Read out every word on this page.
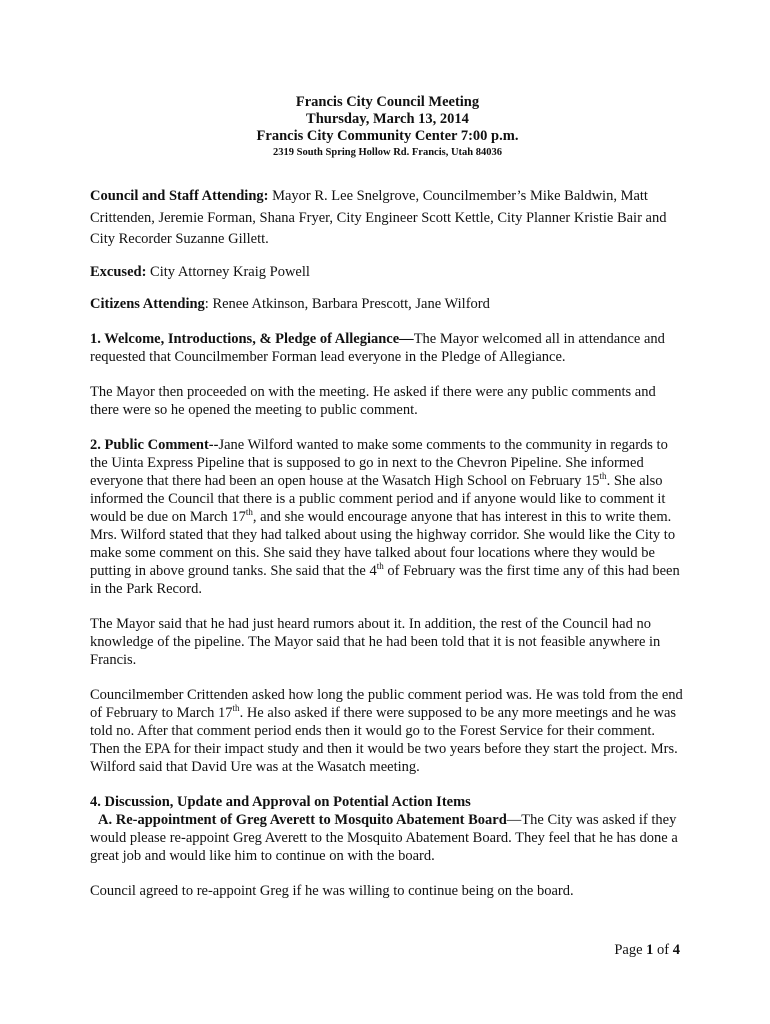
Francis City Council Meeting
Thursday, March 13, 2014
Francis City Community Center 7:00 p.m.
2319 South Spring Hollow Rd. Francis, Utah 84036

Council and Staff Attending: Mayor R. Lee Snelgrove, Councilmember’s Mike Baldwin, Matt Crittenden, Jeremie Forman, Shana Fryer, City Engineer Scott Kettle, City Planner Kristie Bair and City Recorder Suzanne Gillett.

Excused: City Attorney Kraig Powell

Citizens Attending: Renee Atkinson, Barbara Prescott, Jane Wilford

1. Welcome, Introductions, & Pledge of Allegiance—The Mayor welcomed all in attendance and requested that Councilmember Forman lead everyone in the Pledge of Allegiance.

The Mayor then proceeded on with the meeting. He asked if there were any public comments and there were so he opened the meeting to public comment.

2. Public Comment--Jane Wilford wanted to make some comments to the community in regards to the Uinta Express Pipeline that is supposed to go in next to the Chevron Pipeline. She informed everyone that there had been an open house at the Wasatch High School on February 15th. She also informed the Council that there is a public comment period and if anyone would like to comment it would be due on March 17th, and she would encourage anyone that has interest in this to write them. Mrs. Wilford stated that they had talked about using the highway corridor. She would like the City to make some comment on this. She said they have talked about four locations where they would be putting in above ground tanks. She said that the 4th of February was the first time any of this had been in the Park Record.

The Mayor said that he had just heard rumors about it. In addition, the rest of the Council had no knowledge of the pipeline. The Mayor said that he had been told that it is not feasible anywhere in Francis.

Councilmember Crittenden asked how long the public comment period was. He was told from the end of February to March 17th. He also asked if there were supposed to be any more meetings and he was told no. After that comment period ends then it would go to the Forest Service for their comment. Then the EPA for their impact study and then it would be two years before they start the project. Mrs. Wilford said that David Ure was at the Wasatch meeting.

4. Discussion, Update and Approval on Potential Action Items

A. Re-appointment of Greg Averett to Mosquito Abatement Board—The City was asked if they would please re-appoint Greg Averett to the Mosquito Abatement Board. They feel that he has done a great job and would like him to continue on with the board.

Council agreed to re-appoint Greg if he was willing to continue being on the board.

Page 1 of 4
